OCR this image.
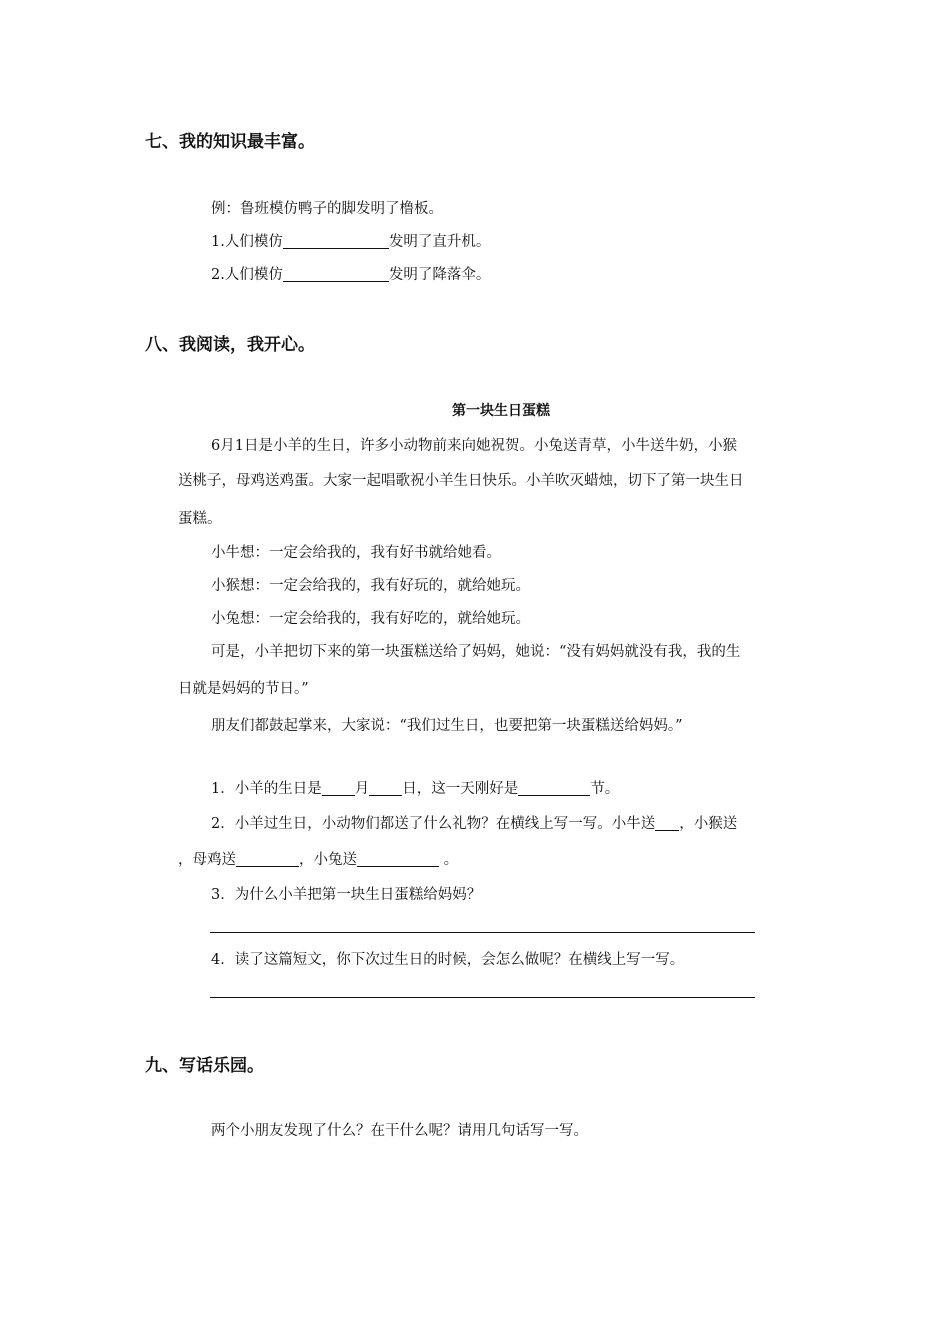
七、我的知识最丰富。
例：鲁班模仿鸭子的脚发明了橹板。
1.人们模仿	发明了直升机。
2.人们模仿	发明了降落伞。
八、我阅读，我开心。
第一块生日蛋糕
6月1日是小羊的生日，许多小动物前来向她祝贺。小兔送青草，小牛送牛奶，小猴
送桃子，母鸡送鸡蛋。大家一起唱歌祝小羊生日快乐。小羊吹灭蜡烛，切下了第一块生日
蛋糕。
小牛想：一定会给我的，我有好书就给她看。
小猴想：一定会给我的，我有好玩的，就给她玩。
小兔想：一定会给我的，我有好吃的，就给她玩。
可是，小羊把切下来的第一块蛋糕送给了妈妈，她说：“没有妈妈就没有我，我的生
日就是妈妈的节日。”
朋友们都鼓起掌来，大家说：“我们过生日，也要把第一块蛋糕送给妈妈。”
1．小羊的生日是 月 日，这一天刚好是	节。
2．小羊过生日，小动物们都送了什么礼物？在横线上写一写。小牛送 ，小猴送
，母鸡送	，小兔送	。
3．为什么小羊把第一块生日蛋糕给妈妈？
4．读了这篇短文，你下次过生日的时候，会怎么做呢？在横线上写一写。
九、写话乐园。
两个小朋友发现了什么？在干什么呢？请用几句话写一写。
